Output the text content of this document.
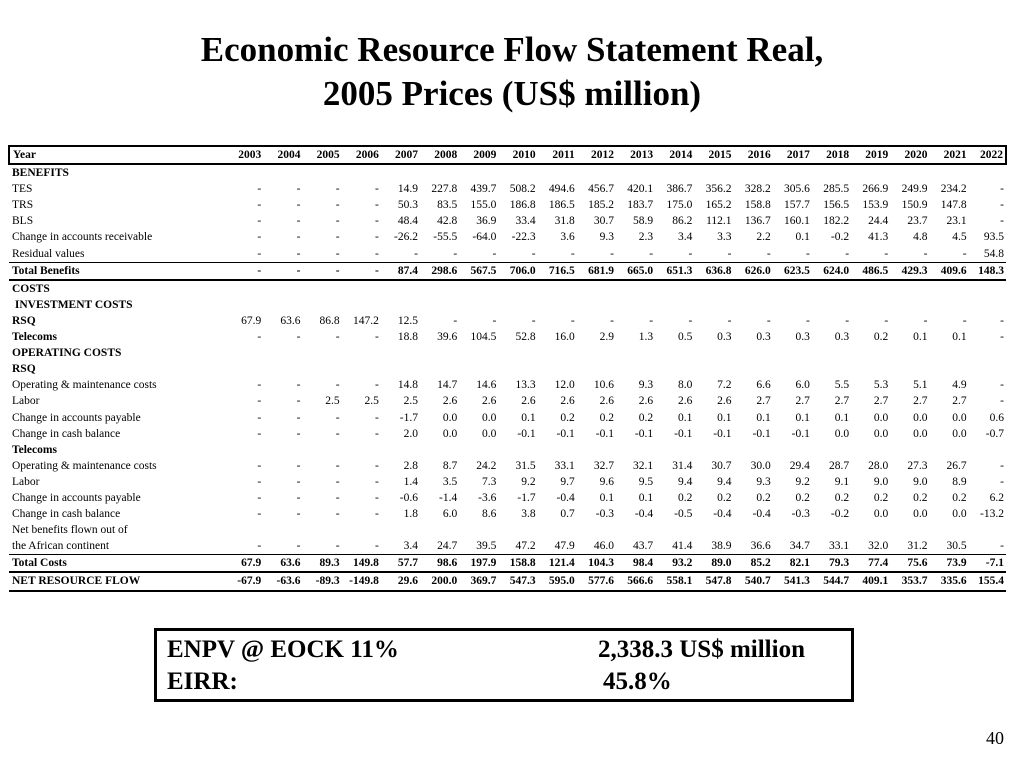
Economic Resource Flow Statement Real,
2005 Prices (US$ million)
Year	2003	2004	2005	2006	2007	2008	2009	2010	2011	2012	2013	2014	2015	2016	2017	2018	2019	2020	2021	2022
BENEFITS																				
TES	-	-	-	-	14.9	227.8	439.7	508.2	494.6	456.7	420.1	386.7	356.2	328.2	305.6	285.5	266.9	249.9	234.2	-
TRS	-	-	-	-	50.3	83.5	155.0	186.8	186.5	185.2	183.7	175.0	165.2	158.8	157.7	156.5	153.9	150.9	147.8	-
BLS	-	-	-	-	48.4	42.8	36.9	33.4	31.8	30.7	58.9	86.2	112.1	136.7	160.1	182.2	24.4	23.7	23.1	-
Change in accounts receivable	-	-	-	-	-26.2	-55.5	-64.0	-22.3	3.6	9.3	2.3	3.4	3.3	2.2	0.1	-0.2	41.3	4.8	4.5	93.5
Residual values	-	-	-	-	-	-	-	-	-	-	-	-	-	-	-	-	-	-	-	54.8
Total Benefits	-	-	-	-	87.4	298.6	567.5	706.0	716.5	681.9	665.0	651.3	636.8	626.0	623.5	624.0	486.5	429.3	409.6	148.3
COSTS																				
INVESTMENT COSTS																				
RSQ	67.9	63.6	86.8	147.2	12.5	-	-	-	-	-	-	-	-	-	-	-	-	-	-	-
Telecoms	-	-	-	-	18.8	39.6	104.5	52.8	16.0	2.9	1.3	0.5	0.3	0.3	0.3	0.3	0.2	0.1	0.1	-
OPERATING COSTS																				
RSQ																				
Operating & maintenance costs	-	-	-	-	14.8	14.7	14.6	13.3	12.0	10.6	9.3	8.0	7.2	6.6	6.0	5.5	5.3	5.1	4.9	-
Labor	-	-	2.5	2.5	2.5	2.6	2.6	2.6	2.6	2.6	2.6	2.6	2.6	2.7	2.7	2.7	2.7	2.7	2.7	-
Change in accounts payable	-	-	-	-	-1.7	0.0	0.0	0.1	0.2	0.2	0.2	0.1	0.1	0.1	0.1	0.1	0.0	0.0	0.0	0.6
Change in cash balance	-	-	-	-	2.0	0.0	0.0	-0.1	-0.1	-0.1	-0.1	-0.1	-0.1	-0.1	-0.1	0.0	0.0	0.0	0.0	-0.7
Telecoms																				
Operating & maintenance costs	-	-	-	-	2.8	8.7	24.2	31.5	33.1	32.7	32.1	31.4	30.7	30.0	29.4	28.7	28.0	27.3	26.7	-
Labor	-	-	-	-	1.4	3.5	7.3	9.2	9.7	9.6	9.5	9.4	9.4	9.3	9.2	9.1	9.0	9.0	8.9	-
Change in accounts payable	-	-	-	-	-0.6	-1.4	-3.6	-1.7	-0.4	0.1	0.1	0.2	0.2	0.2	0.2	0.2	0.2	0.2	0.2	6.2
Change in cash balance	-	-	-	-	1.8	6.0	8.6	3.8	0.7	-0.3	-0.4	-0.5	-0.4	-0.4	-0.3	-0.2	0.0	0.0	0.0	-13.2
Net benefits flown out of																				
the African continent	-	-	-	-	3.4	24.7	39.5	47.2	47.9	46.0	43.7	41.4	38.9	36.6	34.7	33.1	32.0	31.2	30.5	-
Total Costs	67.9	63.6	89.3	149.8	57.7	98.6	197.9	158.8	121.4	104.3	98.4	93.2	89.0	85.2	82.1	79.3	77.4	75.6	73.9	-7.1
NET RESOURCE FLOW	-67.9	-63.6	-89.3	-149.8	29.6	200.0	369.7	547.3	595.0	577.6	566.6	558.1	547.8	540.7	541.3	544.7	409.1	353.7	335.6	155.4
ENPV @ EOCK 11%	2,338.3 US$ million
EIRR:	45.8%
40
